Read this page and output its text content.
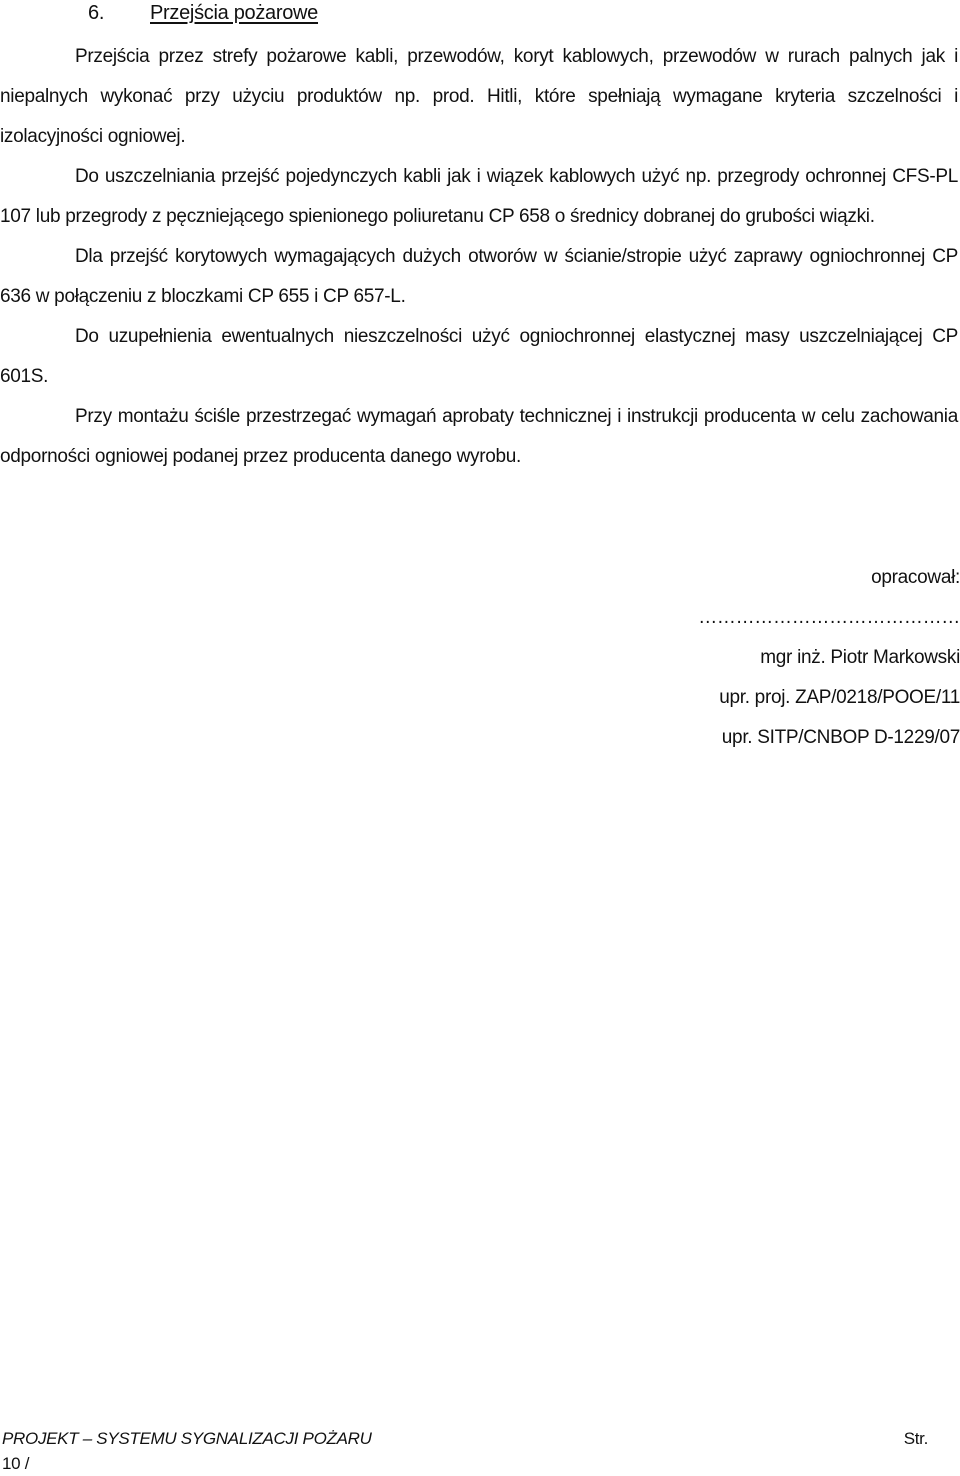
6. Przejścia pożarowe

Przejścia przez strefy pożarowe kabli, przewodów, koryt kablowych, przewodów w rurach palnych jak i niepalnych wykonać przy użyciu produktów np. prod. Hitli, które spełniają wymagane kryteria szczelności i izolacyjności ogniowej.

Do uszczelniania przejść pojedynczych kabli jak i wiązek kablowych użyć np. przegrody ochronnej CFS-PL 107 lub przegrody z pęczniejącego spienionego poliuretanu CP 658 o średnicy dobranej do grubości wiązki.

Dla przejść korytowych wymagających dużych otworów w ścianie/stropie użyć zaprawy ogniochronnej CP 636 w połączeniu z bloczkami CP 655 i CP 657-L.

Do uzupełnienia ewentualnych nieszczelności użyć ogniochronnej elastycznej masy uszczelniającej CP 601S.

Przy montażu ściśle przestrzegać wymagań aprobaty technicznej i instrukcji producenta w celu zachowania odporności ogniowej podanej przez producenta danego wyrobu.

opracował:
……………………………………
mgr inż. Piotr Markowski
upr. proj. ZAP/0218/POOE/11
upr. SITP/CNBOP D-1229/07
PROJEKT – SYSTEMU SYGNALIZACJI POŻARU	Str.
10 /
